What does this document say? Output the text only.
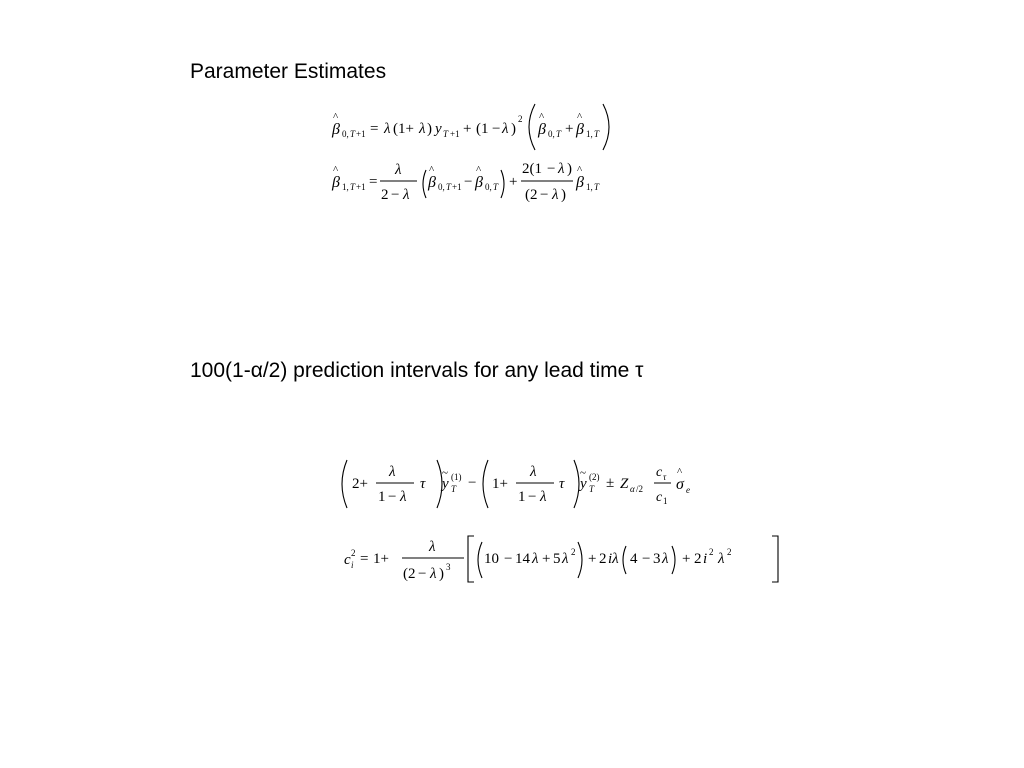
Parameter Estimates
β
^
0, T +1 = λ (1+ λ ) y T +1 + (1 − λ )
2
β
^
0, T + β
^
1, T
β
^
1, T +1 =
λ
2 − λ
β
^
0, T +1 − β
^
0, T +
2(1 − λ )
(2 − λ )
β
^
1, T
100(1-α/2) prediction intervals for any lead time τ
2+
λ
1 − λ
τ y
~
T
(1) − 1+
λ
1 − λ
τ y
~
T
(2) ± Z α /2
c τ
c 1
σ
^
e
c 2
i = 1+
λ
(2 − λ ) 3 10 − 14 λ + 5 λ 2 + 2 iλ 4 − 3 λ + 2 i 2 λ 2
